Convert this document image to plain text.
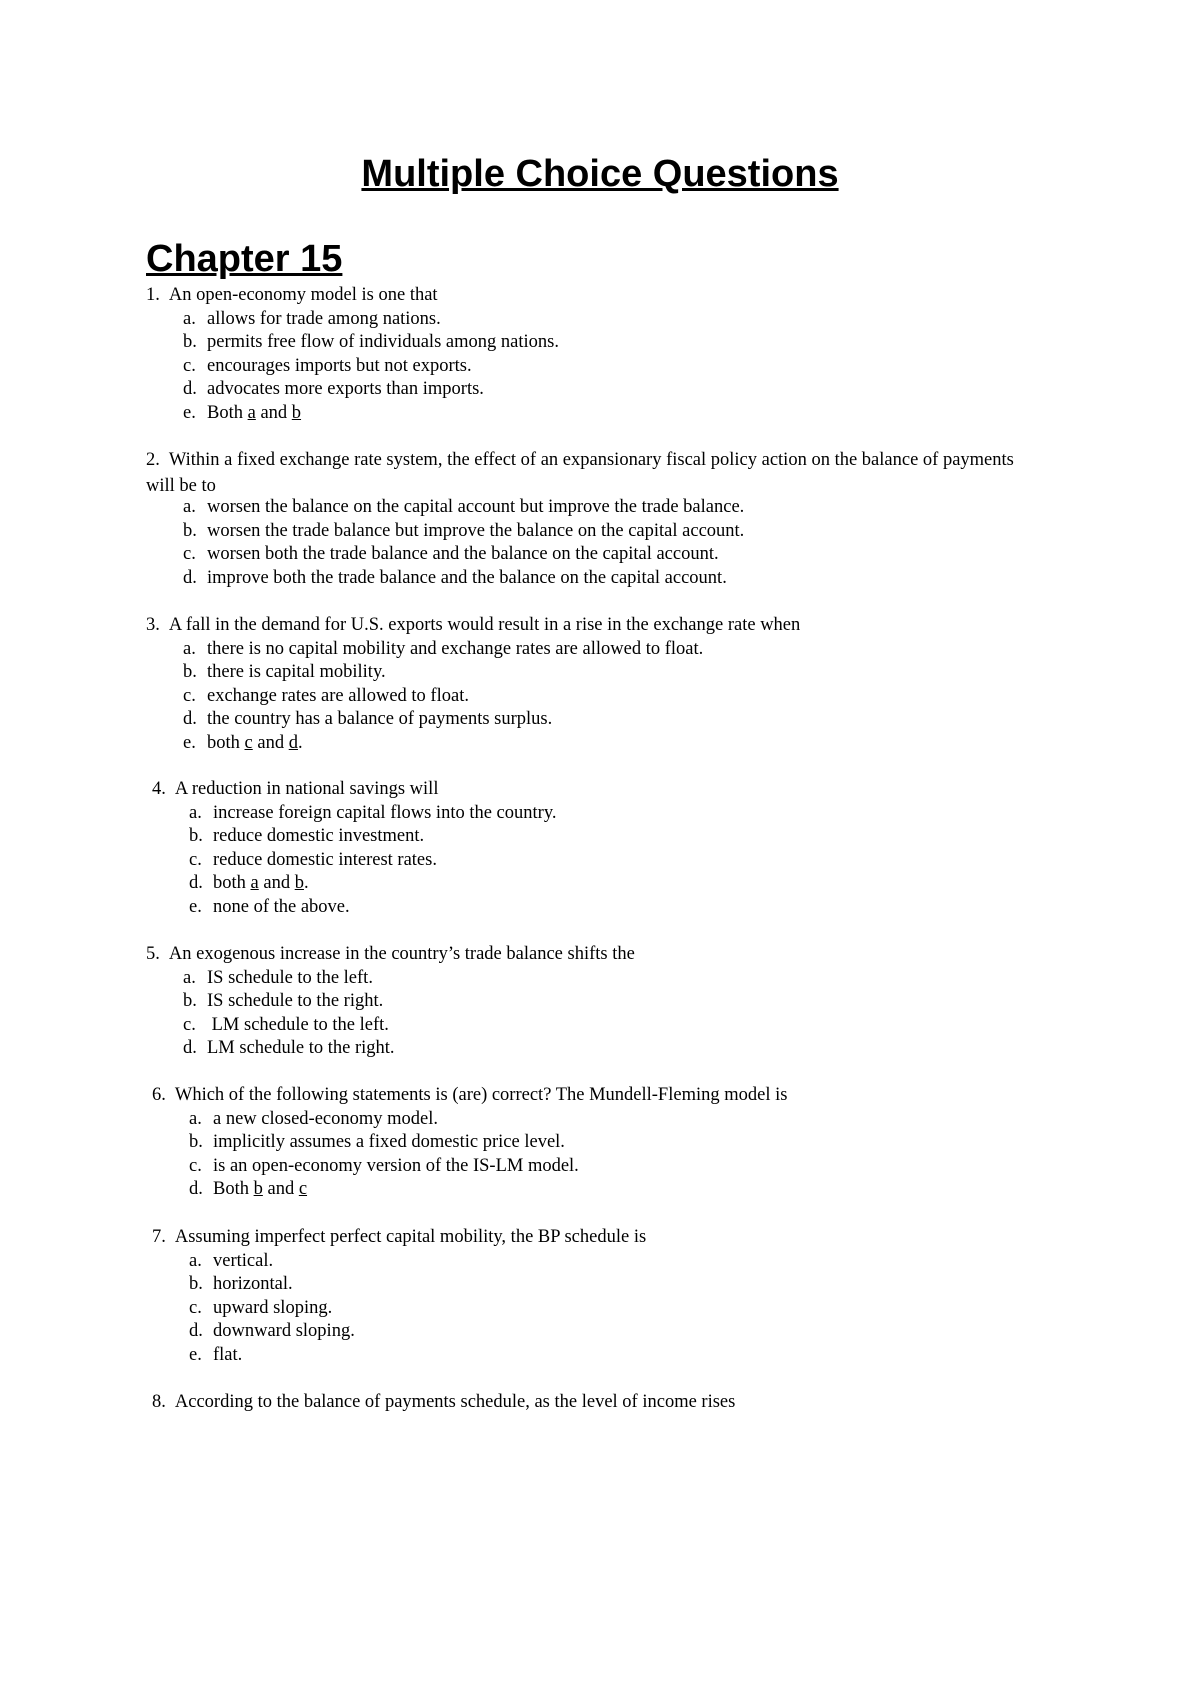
Multiple Choice Questions
Chapter 15
1. An open-economy model is one that
a. allows for trade among nations.
b. permits free flow of individuals among nations.
c. encourages imports but not exports.
d. advocates more exports than imports.
e. Both a and b
2. Within a fixed exchange rate system, the effect of an expansionary fiscal policy action on the balance of payments will be to
a. worsen the balance on the capital account but improve the trade balance.
b. worsen the trade balance but improve the balance on the capital account.
c. worsen both the trade balance and the balance on the capital account.
d. improve both the trade balance and the balance on the capital account.
3. A fall in the demand for U.S. exports would result in a rise in the exchange rate when
a. there is no capital mobility and exchange rates are allowed to float.
b. there is capital mobility.
c. exchange rates are allowed to float.
d. the country has a balance of payments surplus.
e. both c and d.
4. A reduction in national savings will
a. increase foreign capital flows into the country.
b. reduce domestic investment.
c. reduce domestic interest rates.
d. both a and b.
e. none of the above.
5. An exogenous increase in the country’s trade balance shifts the
a. IS schedule to the left.
b. IS schedule to the right.
c. LM schedule to the left.
d. LM schedule to the right.
6. Which of the following statements is (are) correct? The Mundell-Fleming model is
a. a new closed-economy model.
b. implicitly assumes a fixed domestic price level.
c. is an open-economy version of the IS-LM model.
d. Both b and c
7. Assuming imperfect perfect capital mobility, the BP schedule is
a. vertical.
b. horizontal.
c. upward sloping.
d. downward sloping.
e. flat.
8. According to the balance of payments schedule, as the level of income rises
